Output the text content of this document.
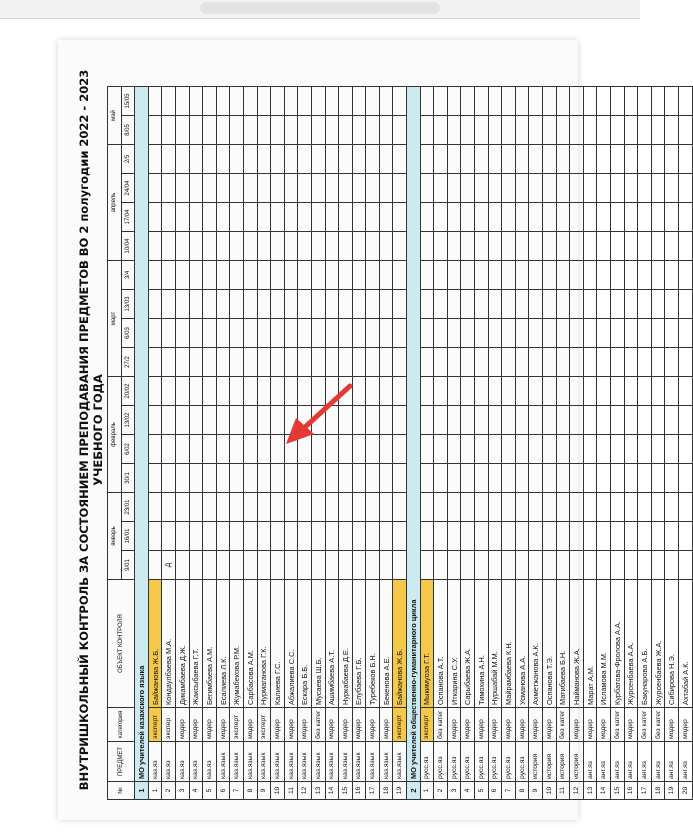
ВНУТРИШКОЛЬНЫЙ КОНТРОЛЬ ЗА СОСТОЯНИЕМ ПРЕПОДАВАНИЯ ПРЕДМЕТОВ ВО 2 полугодии 2022 - 2023 УЧЕБНОГО ГОДА
№	ПРЕДМЕТ	категория	ОБЪЕКТ КОНТРОЛЯ	январь			февраль				март				апрель				май	
				9/01	16/01	23/01	30/1	6/02	13/02	20/02	27/2	6/03	13/03	3/4	10/04	17/04	24/04	2/5	8/05	15/05
1	МО учителей казахского языка																			
1	каз.яз	эксперт	Байжанова Ж.Б.																	
2	каз.яз	экспер	Кондаулбаева М.А.	Д																
3	каз.яз	модер	Дикамбаева Д.Ж.																	
4	каз.яз	модер	Жаксыбаева Г.Т.																	
5	каз.яз	модер	Бегимбаева А.М.																	
6	каз.язык	модер	Есалиева Л.К.																	
7	каз.язык	эксперт	Жумабекова Р.М.																	
8	каз.язык	модер	Сарбасова А.М.																	
9	каз.язык	эксперт	Нурмаганова Г.К.																	
10	каз.язык	модер	Калиева Г.С.																	
11	каз.язык	модер	Абжалиева С.С.																	
12	каз.язык	модер	Ескара Б.Б.																	
13	каз.язык	без катег	Мусаева Ш.Б.																	
14	каз.язык	модер	Ашимбаева А.Т.																	
15	каз.язык	модер	Нуркабаева Д.Е.																	
16	каз.язык	модер	Елубаева Г.Б.																	
17	каз.язык	модер	Туребеков Б.Н.																	
18	каз.язык	модер	Бекенова А.Е.																	
19	каз.язык	эксперт	Байжанова Ж.Б.																	
2	МО учителей общественно-гуманитарного цикла																			
1	русс.яз	эксперт	Мыкимуоза Г.Т.																	
2	русс.яз	без катег	Оспанова А.Т.																	
3	русс.яз	модер	Иткарина С.У.																	
4	русс.яз	модер	Сарыбаева Ж.А.																	
5	русс.яз	модер	Тимохина А.Н.																	
6	русс.яз	модер	Нуршабай М.М.																	
7	русс.яз	модер	Майрамбаева К.Н.																	
8	русс.яз	модер	Усманова А.А.																	
9	история	модер	Ахметжанова А.К.																	
10	история	модер	Оспанова Т.Э.																	
11	история	без катег	Матибаева Б.Н.																	
12	история	модер	Найманова Ж.А.																	
13	анг.яз	модер	Марат А.М.																	
14	анг.яз	модер	Исламова М.М.																	
15	анг.яз	без катег	Курбатова-Фролова А.А.																	
16	анг.яз	модер	Журсенбаева А.А.																	
17	анг.яз	без катег	Бакунарова А.Б.																	
18	анг.яз	без катег	Журсенбаева Ж.А.																	
19	анг.яз	модер	Сибирова Н.Э.																	
20	анг.яз	модер	Ахтабай А.К.																	
